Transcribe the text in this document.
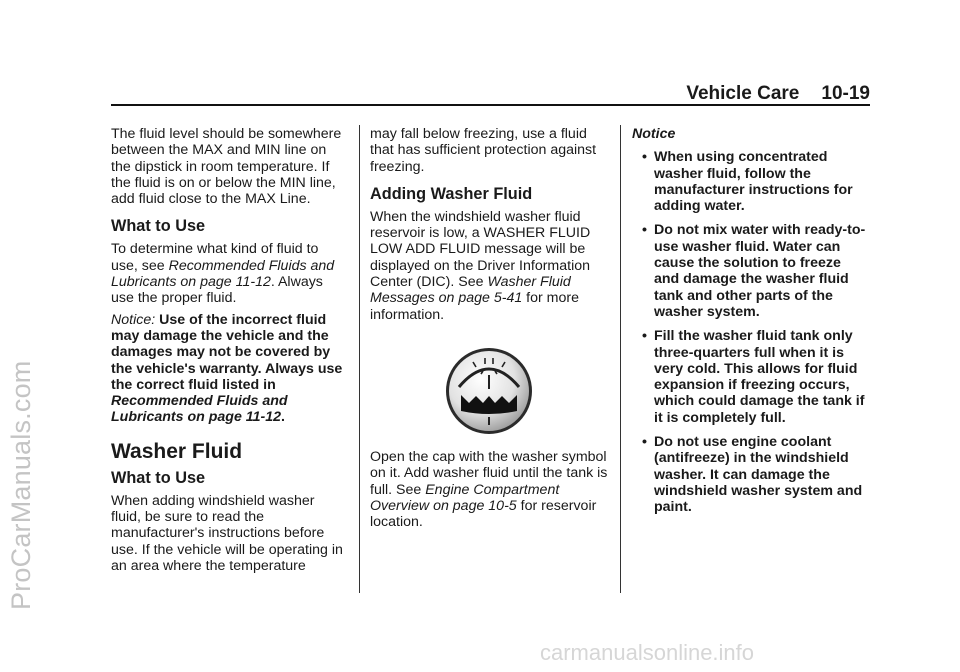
ProCarManuals.com
carmanualsonline.info
Vehicle Care 10-19

The fluid level should be somewhere between the MAX and MIN line on the dipstick in room temperature. If the fluid is on or below the MIN line, add fluid close to the MAX Line.

What to Use

To determine what kind of fluid to use, see Recommended Fluids and Lubricants on page 11-12. Always use the proper fluid.

Notice: Use of the incorrect fluid may damage the vehicle and the damages may not be covered by the vehicle's warranty. Always use the correct fluid listed in Recommended Fluids and Lubricants on page 11-12.

Washer Fluid
What to Use

When adding windshield washer fluid, be sure to read the manufacturer's instructions before use. If the vehicle will be operating in an area where the temperature

may fall below freezing, use a fluid that has sufficient protection against freezing.

Adding Washer Fluid

When the windshield washer fluid reservoir is low, a WASHER FLUID LOW ADD FLUID message will be displayed on the Driver Information Center (DIC). See Washer Fluid Messages on page 5-41 for more information.

Open the cap with the washer symbol on it. Add washer fluid until the tank is full. See Engine Compartment Overview on page 10-5 for reservoir location.

Notice

• When using concentrated washer fluid, follow the manufacturer instructions for adding water.
• Do not mix water with ready-to-use washer fluid. Water can cause the solution to freeze and damage the washer fluid tank and other parts of the washer system.
• Fill the washer fluid tank only three-quarters full when it is very cold. This allows for fluid expansion if freezing occurs, which could damage the tank if it is completely full.
• Do not use engine coolant (antifreeze) in the windshield washer. It can damage the windshield washer system and paint.
